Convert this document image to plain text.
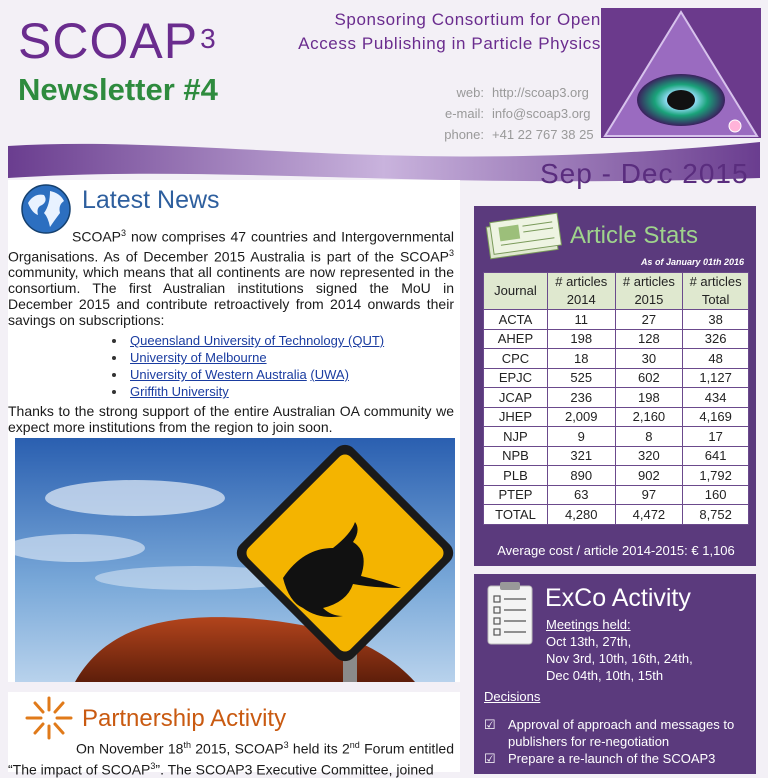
SCOAP$^3$
Newsletter #4
Sponsoring Consortium for Open
Access Publishing in Particle Physics
web: http://scoap3.org
e-mail: info@scoap3.org
phone: +41 22 767 38 25
Sep - Dec 2015
Latest News
SCOAP$^3$ now comprises 47 countries and Intergovernmental Organisations. As of December 2015 Australia is part of the SCOAP$^3$ community, which means that all continents are now represented in the consortium. The first Australian institutions signed the MoU in December 2015 and contribute retroactively from 2014 onwards their savings on subscriptions:
Queensland University of Technology (QUT)
University of Melbourne
University of Western Australia
(UWA)
Griffith University
Thanks to the strong support of the entire Australian OA community we expect more institutions from the region to join soon.
Partnership Activity
On November 18th 2015, SCOAP$^3$ held its 2nd Forum entitled “The impact of SCOAP$^3$”. The SCOAP3 Executive Committee, joined
Article Stats
As of January 01th 2016
Journal	# articles 2014	# articles 2015	# articles Total
ACTA	11	27	38
AHEP	198	128	326
CPC	18	30	48
EPJC	525	602	1,127
JCAP	236	198	434
JHEP	2,009	2,160	4,169
NJP	9	8	17
NPB	321	320	641
PLB	890	902	1,792
PTEP	63	97	160
TOTAL	4,280	4,472	8,752
Average cost / article 2014-2015: € 1,106
ExCo Activity
Meetings held:
Oct 13th, 27th,
Nov 3rd, 10th, 16th, 24th,
Dec 04th, 10th, 15th
Decisions
☑ Approval of approach and messages to publishers for re-negotiation
☑ Prepare a re-launch of the SCOAP3
